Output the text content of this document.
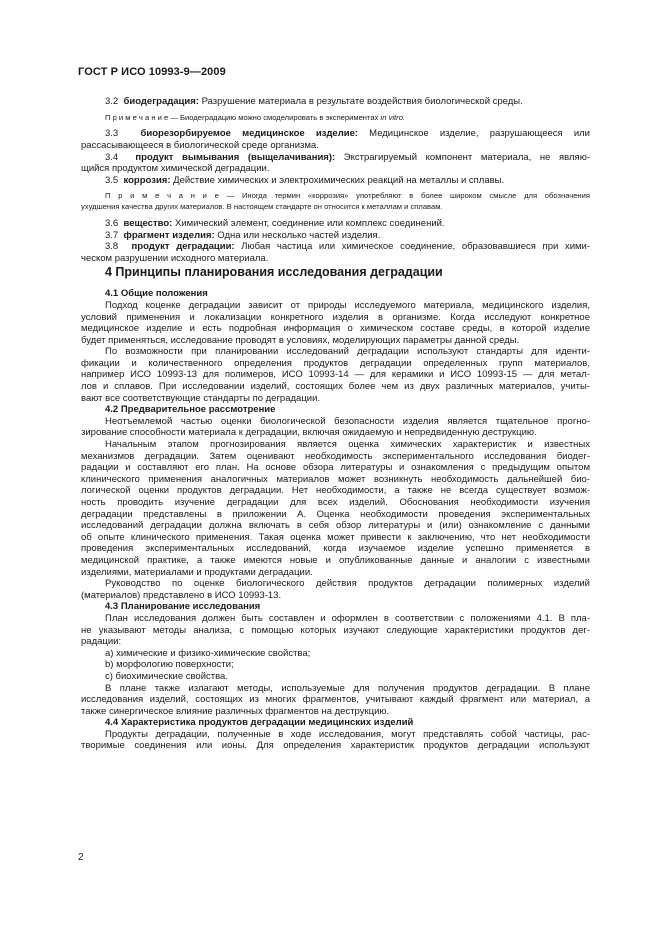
ГОСТ Р ИСО 10993-9—2009
3.2 биодеградация: Разрушение материала в результате воздействия биологической среды.
П р и м е ч а н и е — Биодеградацию можно смоделировать в экспериментах in vitro.
3.3 биорезорбируемое медицинское изделие: Медицинское изделие, разрушающееся или
рассасывающееся в биологической среде организма.
3.4 продукт вымывания (выщелачивания): Экстрагируемый компонент материала, не являю-
щийся продуктом химической деградации.
3.5 коррозия: Действие химических и электрохимических реакций на металлы и сплавы.
П р и м е ч а н и е — Иногда термин «коррозия» употребляют в более широком смысле для обозначения
ухудшения качества других материалов. В настоящем стандарте он относится к металлам и сплавам.
3.6 вещество: Химический элемент, соединение или комплекс соединений.
3.7 фрагмент изделия: Одна или несколько частей изделия.
3.8 продукт деградации: Любая частица или химическое соединение, образовавшиеся при хими-
ческом разрушении исходного материала.
4 Принципы планирования исследования деградации
4.1 Общие положения
Подход коценке деградации зависит от природы исследуемого материала, медицинского изделия,
условий применения и локализации конкретного изделия в организме. Когда исследуют конкретное
медицинское изделие и есть подробная информация о химическом составе среды, в которой изделие
будет применяться, исследование проводят в условиях, моделирующих параметры данной среды.
По возможности при планировании исследований деградации используют стандарты для иденти-
фикации и количественного определения продуктов деградации определенных групп материалов,
например ИСО 10993-13 для полимеров, ИСО 10993-14 — для керамики и ИСО 10993-15 — для метал-
лов и сплавов. При исследовании изделий, состоящих более чем из двух различных материалов, учиты-
вают все соответствующие стандарты по деградации.
4.2 Предварительное рассмотрение
Неотъемлемой частью оценки биологической безопасности изделия является тщательное прогно-
зирование способности материала к деградации, включая ожидаемую и непредвиденную деструкцию.
Начальным этапом прогнозирования является оценка химических характеристик и известных
механизмов деградации. Затем оценивают необходимость экспериментального исследования биодег-
радации и составляют его план. На основе обзора литературы и ознакомления с предыдущим опытом
клинического применения аналогичных материалов может возникнуть необходимость дальнейшей био-
логической оценки продуктов деградации. Нет необходимости, а также не всегда существует возмож-
ность проводить изучение деградации для всех изделий. Обоснования необходимости изучения
деградации представлены в приложении А. Оценка необходимости проведения экспериментальных
исследований деградации должна включать в себя обзор литературы и (или) ознакомление с данными
об опыте клинического применения. Такая оценка может привести к заключению, что нет необходимости
проведения экспериментальных исследований, когда изучаемое изделие успешно применяется в
медицинской практике, а также имеются новые и опубликованные данные и аналогии с известными
изделиями, материалами и продуктами деградации.
Руководство по оценке биологического действия продуктов деградации полимерных изделий
(материалов) представлено в ИСО 10993-13.
4.3 Планирование исследования
План исследования должен быть составлен и оформлен в соответствии с положениями 4.1. В пла-
не указывают методы анализа, с помощью которых изучают следующие характеристики продуктов дег-
радации:
а) химические и физико-химические свойства;
b) морфологию поверхности;
c) биохимические свойства.
В плане также излагают методы, используемые для получения продуктов деградации. В плане
исследования изделий, состоящих из многих фрагментов, учитывают каждый фрагмент или материал, а
также синергическое влияние различных фрагментов на деструкцию.
4.4 Характеристика продуктов деградации медицинских изделий
Продукты деградации, полученные в ходе исследования, могут представлять собой частицы, рас-
творимые соединения или ионы. Для определения характеристик продуктов деградации используют
2
